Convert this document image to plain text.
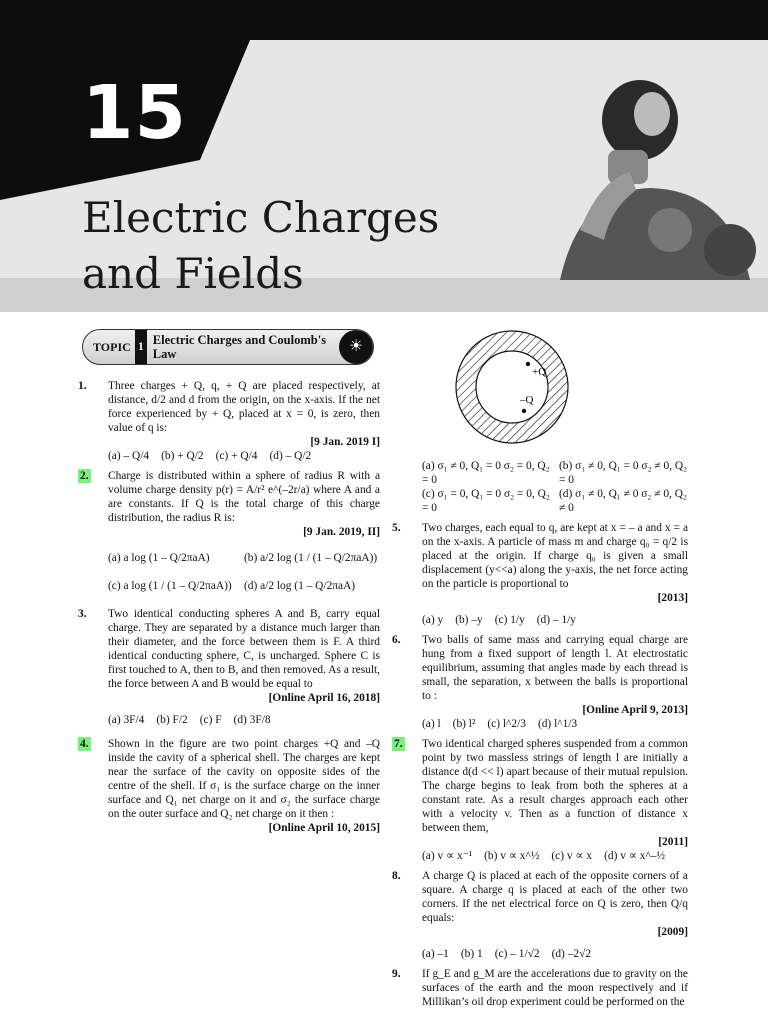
15
Electric Charges
and Fields
TOPIC 1 Electric Charges and Coulomb's Law	☀
1. Three charges + Q, q, + Q are placed respectively, at distance, d/2 and d from the origin, on the x-axis. If the net force experienced by + Q, placed at x = 0, is zero, then value of q is:
[9 Jan. 2019 I]
(a) – Q/4 (b) + Q/2 (c) + Q/4 (d) – Q/2
2. Charge is distributed within a sphere of radius R with a volume charge density p(r) = A/r² e^(–2r/a) where A and a are constants. If Q is the total charge of this charge distribution, the radius R is:
[9 Jan. 2019, II]
(a) a log (1 – Q/2πaA)	(b) a/2 log (1 / (1 – Q/2πaA))
(c) a log (1 / (1 – Q/2πaA))	(d) a/2 log (1 – Q/2πaA)
3. Two identical conducting spheres A and B, carry equal charge. They are separated by a distance much larger than their diameter, and the force between them is F. A third identical conducting sphere, C, is uncharged. Sphere C is first touched to A, then to B, and then removed. As a result, the force between A and B would be equal to
[Online April 16, 2018]
(a) 3F/4 (b) F/2 (c) F (d) 3F/8
4. Shown in the figure are two point charges +Q and –Q inside the cavity of a spherical shell. The charges are kept near the surface of the cavity on opposite sides of the centre of the shell. If σ₁ is the surface charge on the inner surface and Q₁ net charge on it and σ₂ the surface charge on the outer surface and Q₂ net charge on it then :
[Online April 10, 2015]
+Q
–Q
(a) σ₁ ≠ 0, Q₁ = 0 σ₂ = 0, Q₂ = 0
(b) σ₁ ≠ 0, Q₁ = 0 σ₂ ≠ 0, Q₂ = 0
(c) σ₁ = 0, Q₁ = 0 σ₂ = 0, Q₂ = 0
(d) σ₁ ≠ 0, Q₁ ≠ 0 σ₂ ≠ 0, Q₂ ≠ 0
5. Two charges, each equal to q, are kept at x = – a and x = a on the x-axis. A particle of mass m and charge q₀ = q/2 is placed at the origin. If charge q₀ is given a small displacement (y<<a) along the y-axis, the net force acting on the particle is proportional to
[2013]
(a) y (b) –y (c) 1/y (d) – 1/y
6. Two balls of same mass and carrying equal charge are hung from a fixed support of length l. At electrostatic equilibrium, assuming that angles made by each thread is small, the separation, x between the balls is proportional to :
[Online April 9, 2013]
(a) l (b) l² (c) l^2/3 (d) l^1/3
7. Two identical charged spheres suspended from a common point by two massless strings of length l are initially a distance d(d << l) apart because of their mutual repulsion. The charge begins to leak from both the spheres at a constant rate. As a result charges approach each other with a velocity v. Then as a function of distance x between them,
[2011]
(a) v ∝ x⁻¹ (b) v ∝ x^½ (c) v ∝ x (d) v ∝ x^–½
8. A charge Q is placed at each of the opposite corners of a square. A charge q is placed at each of the other two corners. If the net electrical force on Q is zero, then Q/q equals:
[2009]
(a) –1 (b) 1 (c) – 1/√2 (d) –2√2
9. If g_E and g_M are the accelerations due to gravity on the surfaces of the earth and the moon respectively and if Millikan’s oil drop experiment could be performed on the
